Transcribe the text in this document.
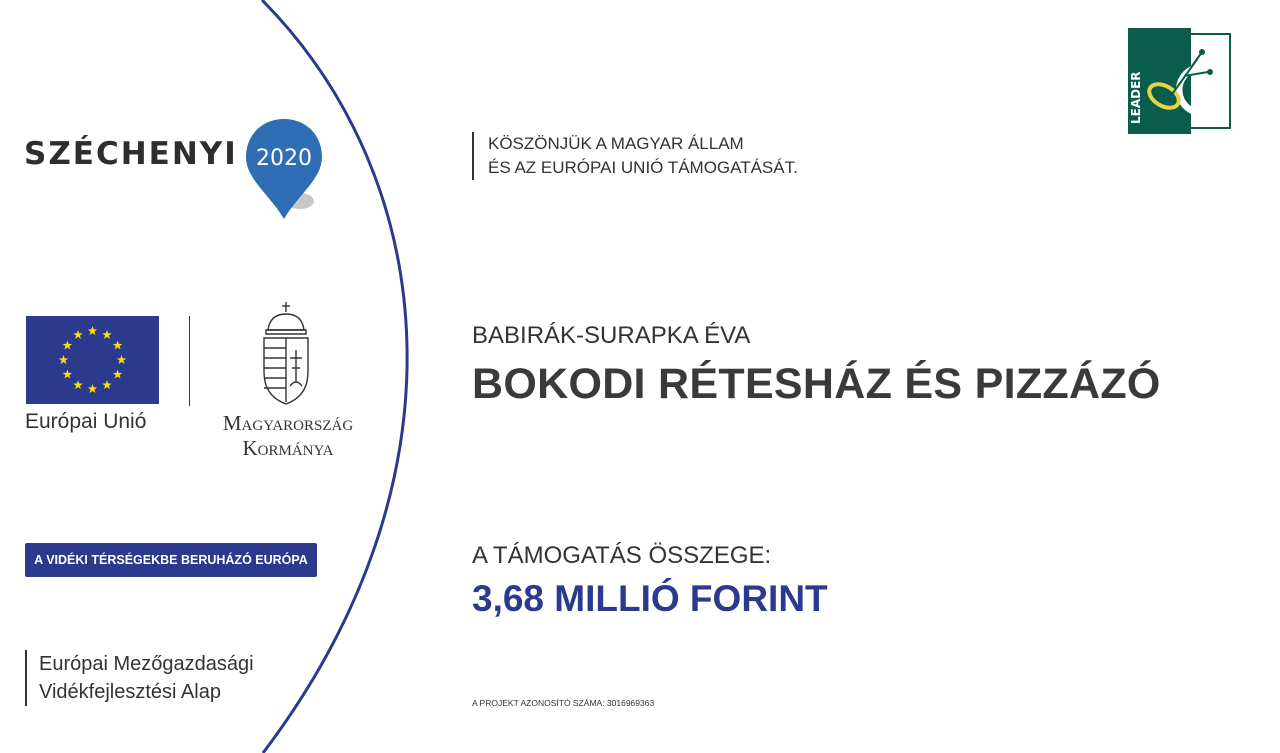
SZÉCHENYI 2020
Európai Unió	MAGYARORSZÁG
KORMÁNYA
A VIDÉKI TÉRSÉGEKBE BERUHÁZÓ EURÓPA
Európai Mezőgazdasági
Vidékfejlesztési Alap
KÖSZÖNJÜK A MAGYAR ÁLLAM
ÉS AZ EURÓPAI UNIÓ TÁMOGATÁSÁT.
BABIRÁK-SURAPKA ÉVA
BOKODI RÉTESHÁZ ÉS PIZZÁZÓ
A TÁMOGATÁS ÖSSZEGE:
3,68 MILLIÓ FORINT
A PROJEKT AZONOSÍTÓ SZÁMA: 3016969363
LEADER
